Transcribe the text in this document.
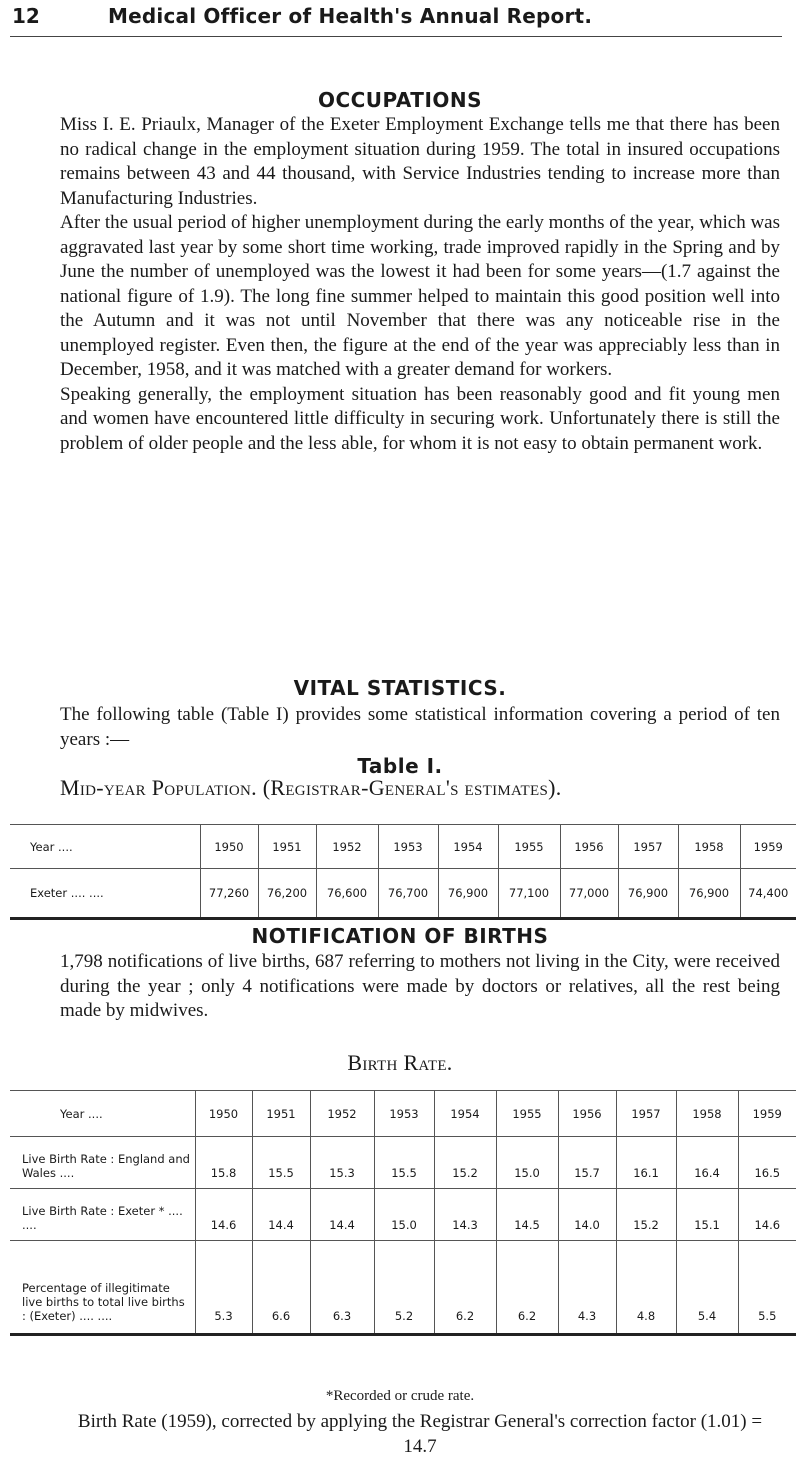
12	Medical Officer of Health's Annual Report.
OCCUPATIONS

Miss I. E. Priaulx, Manager of the Exeter Employment Exchange tells me that there has been no radical change in the employment situation during 1959. The total in insured occupations remains between 43 and 44 thousand, with Service Industries tending to increase more than Manufacturing Industries.

After the usual period of higher unemployment during the early months of the year, which was aggravated last year by some short time working, trade improved rapidly in the Spring and by June the number of unemployed was the lowest it had been for some years—(1.7 against the national figure of 1.9). The long fine summer helped to maintain this good position well into the Autumn and it was not until November that there was any noticeable rise in the unemployed register. Even then, the figure at the end of the year was appreciably less than in December, 1958, and it was matched with a greater demand for workers.

Speaking generally, the employment situation has been reasonably good and fit young men and women have encountered little difficulty in securing work. Unfortunately there is still the problem of older people and the less able, for whom it is not easy to obtain permanent work.

VITAL STATISTICS.
The following table (Table I) provides some statistical information covering a period of ten years :—
Table I.
Mid-year Population. (Registrar-General's estimates).
Year ....	1950	1951	1952	1953	1954	1955	1956	1957	1958	1959
Exeter .... ....	77,260	76,200	76,600	76,700	76,900	77,100	77,000	76,900	76,900	74,400
NOTIFICATION OF BIRTHS
1,798 notifications of live births, 687 referring to mothers not living in the City, were received during the year ; only 4 notifications were made by doctors or relatives, all the rest being made by midwives.
Birth Rate.
Year ....	1950	1951	1952	1953	1954	1955	1956	1957	1958	1959
Live Birth Rate : England and Wales ....	15.8	15.5	15.3	15.5	15.2	15.0	15.7	16.1	16.4	16.5
Live Birth Rate : Exeter * .... ....	14.6	14.4	14.4	15.0	14.3	14.5	14.0	15.2	15.1	14.6
Percentage of illegitimate live births to total live births : (Exeter) .... ....	5.3	6.6	6.3	5.2	6.2	6.2	4.3	4.8	5.4	5.5
*Recorded or crude rate.
Birth Rate (1959), corrected by applying the Registrar General's correction factor (1.01) = 14.7
